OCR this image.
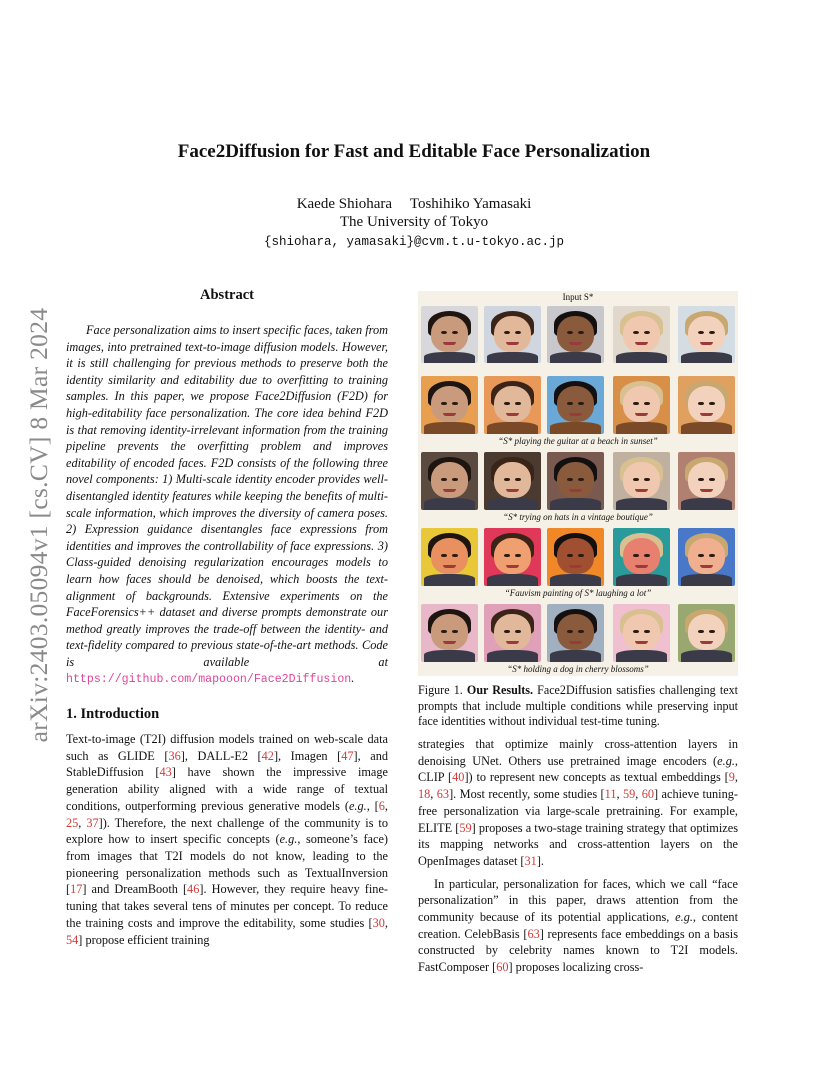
arXiv:2403.05094v1 [cs.CV] 8 Mar 2024
Face2Diffusion for Fast and Editable Face Personalization
Kaede Shiohara Toshihiko Yamasaki
The University of Tokyo
{shiohara, yamasaki}@cvm.t.u-tokyo.ac.jp
Abstract

Face personalization aims to insert specific faces, taken from images, into pretrained text-to-image diffusion models. However, it is still challenging for previous methods to preserve both the identity similarity and editability due to overfitting to training samples. In this paper, we propose Face2Diffusion (F2D) for high-editability face personalization. The core idea behind F2D is that removing identity-irrelevant information from the training pipeline prevents the overfitting problem and improves editability of encoded faces. F2D consists of the following three novel components: 1) Multi-scale identity encoder provides well-disentangled identity features while keeping the benefits of multi-scale information, which improves the diversity of camera poses. 2) Expression guidance disentangles face expressions from identities and improves the controllability of face expressions. 3) Class-guided denoising regularization encourages models to learn how faces should be denoised, which boosts the text-alignment of backgrounds. Extensive experiments on the FaceForensics++ dataset and diverse prompts demonstrate our method greatly improves the trade-off between the identity- and text-fidelity compared to previous state-of-the-art methods. Code is available at https://github.com/mapooon/Face2Diffusion.

1. Introduction

Text-to-image (T2I) diffusion models trained on web-scale data such as GLIDE [36], DALL-E2 [42], Imagen [47], and StableDiffusion [43] have shown the impressive image generation ability aligned with a wide range of textual conditions, outperforming previous generative models (e.g., [6, 25, 37]). Therefore, the next challenge of the community is to explore how to insert specific concepts (e.g., someone’s face) from images that T2I models do not know, leading to the pioneering personalization methods such as TextualInversion [17] and DreamBooth [46]. However, they require heavy fine-tuning that takes several tens of minutes per concept. To reduce the training costs and improve the editability, some studies [30, 54] propose efficient training

Input S*
“S* playing the guitar at a beach in sunset”
“S* trying on hats in a vintage boutique”
“Fauvism painting of S* laughing a lot”
“S* holding a dog in cherry blossoms”

Figure 1. Our Results. Face2Diffusion satisfies challenging text prompts that include multiple conditions while preserving input face identities without individual test-time tuning.

strategies that optimize mainly cross-attention layers in denoising UNet. Others use pretrained image encoders (e.g., CLIP [40]) to represent new concepts as textual embeddings [9, 18, 63]. Most recently, some studies [11, 59, 60] achieve tuning-free personalization via large-scale pretraining. For example, ELITE [59] proposes a two-stage training strategy that optimizes its mapping networks and cross-attention layers on the OpenImages dataset [31].

In particular, personalization for faces, which we call “face personalization” in this paper, draws attention from the community because of its potential applications, e.g., content creation. CelebBasis [63] represents face embeddings on a basis constructed by celebrity names known to T2I models. FastComposer [60] proposes localizing cross-
